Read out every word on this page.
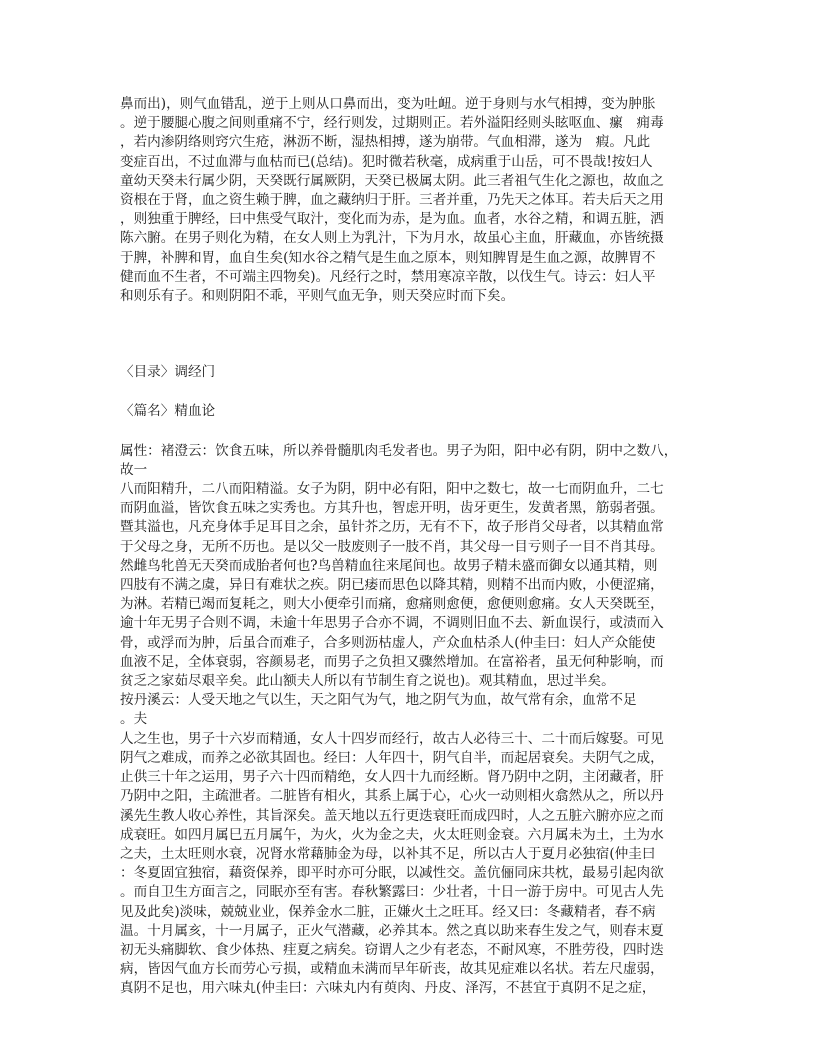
鼻而出)，则气血错乱，逆于上则从口鼻而出，变为吐衄。逆于身则与水气相搏，变为肿胀
。逆于腰腿心腹之间则重痛不宁，经行则发，过期则正。若外溢阳经则头眩呕血、瘰　痈毒
，若内渗阴络则窍穴生疮，淋沥不断，湿热相搏，遂为崩带。气血相滞，遂为　瘕。凡此
变症百出，不过血滞与血枯而已(总结)。犯时微若秋毫，成病重于山岳，可不畏哉!按妇人
童幼天癸未行属少阴，天癸既行属厥阴，天癸已极属太阴。此三者祖气生化之源也，故血之
资根在于肾，血之资生赖于脾，血之藏纳归于肝。三者并重，乃先天之体耳。若夫后天之用
，则独重于脾经，曰中焦受气取汁，变化而为赤，是为血。血者，水谷之精，和调五脏，洒
陈六腑。在男子则化为精，在女人则上为乳汁，下为月水，故虽心主血，肝藏血，亦皆统摄
于脾，补脾和胃，血自生矣(知水谷之精气是生血之原本，则知脾胃是生血之源，故脾胃不
健而血不生者，不可端主四物矣)。凡经行之时，禁用寒凉辛散，以伐生气。诗云：妇人平
和则乐有子。和则阴阳不乖，平则气血无争，则天癸应时而下矣。
〈目录〉调经门
〈篇名〉精血论
属性：褚澄云：饮食五味，所以养骨髓肌肉毛发者也。男子为阳，阳中必有阴，阴中之数八，
故一
八而阳精升，二八而阳精溢。女子为阴，阴中必有阳，阳中之数七，故一七而阴血升，二七
而阴血溢，皆饮食五味之实秀也。方其升也，智虑开明，齿牙更生，发黄者黑，筋弱者强。
暨其溢也，凡充身体手足耳目之余，虽针芥之历，无有不下，故子形肖父母者，以其精血常
于父母之身，无所不历也。是以父一肢废则子一肢不肖，其父母一目亏则子一目不肖其母。
然雌鸟牝兽无天癸而成胎者何也?鸟兽精血往来尾间也。故男子精未盛而御女以通其精，则
四肢有不满之虞，异日有难状之疾。阴已痿而思色以降其精，则精不出而内败，小便涩痛，
为淋。若精已竭而复耗之，则大小便牵引而痛，愈痛则愈便，愈便则愈痛。女人天癸既至，
逾十年无男子合则不调，未逾十年思男子合亦不调，不调则旧血不去、新血误行，或渍而入
骨，或浮而为肿，后虽合而难子，合多则沥枯虚人，产众血枯杀人(仲圭曰：妇人产众能使
血液不足，全体衰弱，容颜易老，而男子之负担又骤然增加。在富裕者，虽无何种影响，而
贫乏之家茹尽艰辛矣。此山额夫人所以有节制生育之说也)。观其精血，思过半矣。
按丹溪云：人受天地之气以生，天之阳气为气，地之阴气为血，故气常有余，血常不足
。夫
人之生也，男子十六岁而精通，女人十四岁而经行，故古人必待三十、二十而后嫁娶。可见
阴气之难成，而养之必欲其固也。经曰：人年四十，阴气自半，而起居衰矣。夫阴气之成，
止供三十年之运用，男子六十四而精绝，女人四十九而经断。肾乃阴中之阴，主闭藏者，肝
乃阴中之阳，主疏泄者。二脏皆有相火，其系上属于心，心火一动则相火翕然从之，所以丹
溪先生教人收心养性，其旨深矣。盖天地以五行更迭衰旺而成四时，人之五脏六腑亦应之而
成衰旺。如四月属巳五月属午，为火，火为金之夫，火太旺则金衰。六月属未为土，土为水
之夫，土太旺则水衰，况肾水常藉肺金为母，以补其不足，所以古人于夏月必独宿(仲圭曰
：冬夏固宜独宿，藉资保养，即平时亦可分眠，以减性交。盖伉俪同床共枕，最易引起肉欲
。而自卫生方面言之，同眠亦至有害。春秋繁露曰：少壮者，十日一游于房中。可见古人先
见及此矣)淡味，兢兢业业，保养金水二脏，正嫌火土之旺耳。经又曰：冬藏精者，春不病
温。十月属亥，十一月属子，正火气潜藏，必养其本。然之真以助来春生发之气，则春末夏
初无头痛脚软、食少体热、疰夏之病矣。窃谓人之少有老态，不耐风寒，不胜劳役，四时迭
病，皆因气血方长而劳心亏损，或精血未满而早年斫丧，故其见症难以名状。若左尺虚弱，
真阴不足也，用六味丸(仲圭曰：六味丸内有萸肉、丹皮、泽泻，不甚宜于真阴不足之症，
